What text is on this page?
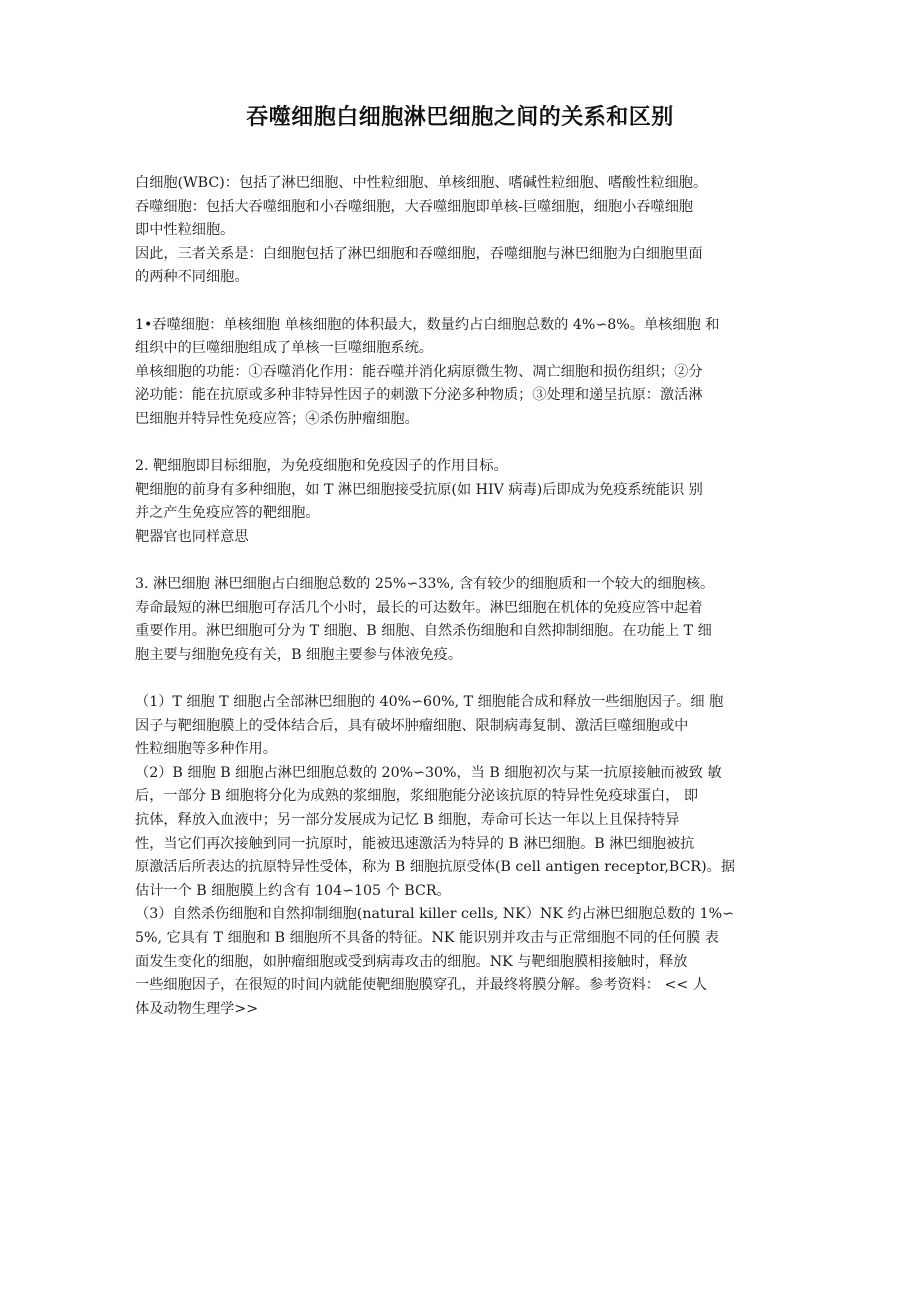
吞噬细胞白细胞淋巴细胞之间的关系和区别
白细胞(WBC)：包括了淋巴细胞、中性粒细胞、单核细胞、嗜碱性粒细胞、嗜酸性粒细胞。
吞噬细胞：包括大吞噬细胞和小吞噬细胞，大吞噬细胞即单核-巨噬细胞，细胞小吞噬细胞
即中性粒细胞。
因此，三者关系是：白细胞包括了淋巴细胞和吞噬细胞，吞噬细胞与淋巴细胞为白细胞里面
的两种不同细胞。
1•吞噬细胞：单核细胞 单核细胞的体积最大，数量约占白细胞总数的 4%∽8%。单核细胞 和
组织中的巨噬细胞组成了单核一巨噬细胞系统。
单核细胞的功能：①吞噬消化作用：能吞噬并消化病原微生物、凋亡细胞和损伤组织；②分
泌功能：能在抗原或多种非特异性因子的刺激下分泌多种物质；③处理和递呈抗原：激活淋
巴细胞并特异性免疫应答；④杀伤肿瘤细胞。
2. 靶细胞即目标细胞，为免疫细胞和免疫因子的作用目标。
靶细胞的前身有多种细胞，如 T 淋巴细胞接受抗原(如 HIV 病毒)后即成为免疫系统能识 别
并之产生免疫应答的靶细胞。
靶器官也同样意思
3. 淋巴细胞 淋巴细胞占白细胞总数的 25%∽33%, 含有较少的细胞质和一个较大的细胞核。
寿命最短的淋巴细胞可存活几个小时，最长的可达数年。淋巴细胞在机体的免疫应答中起着
重要作用。淋巴细胞可分为 T 细胞、B 细胞、自然杀伤细胞和自然抑制细胞。在功能上 T 细
胞主要与细胞免疫有关，B 细胞主要参与体液免疫。
（1）T 细胞 T 细胞占全部淋巴细胞的 40%∽60%, T 细胞能合成和释放一些细胞因子。细 胞
因子与靶细胞膜上的受体结合后，具有破坏肿瘤细胞、限制病毒复制、激活巨噬细胞或中
性粒细胞等多种作用。
（2）B 细胞 B 细胞占淋巴细胞总数的 20%∽30%，当 B 细胞初次与某一抗原接触而被致 敏
后，一部分 B 细胞将分化为成熟的浆细胞，浆细胞能分泌该抗原的特异性免疫球蛋白， 即
抗体，释放入血液中；另一部分发展成为记忆 B 细胞，寿命可长达一年以上且保持特异
性，当它们再次接触到同一抗原时，能被迅速激活为特异的 B 淋巴细胞。B 淋巴细胞被抗
原激活后所表达的抗原特异性受体，称为 B 细胞抗原受体(B cell antigen receptor,BCR)。据
估计一个 B 细胞膜上约含有 104∽105 个 BCR。
（3）自然杀伤细胞和自然抑制细胞(natural killer cells, NK）NK 约占淋巴细胞总数的 1%∽
5%, 它具有 T 细胞和 B 细胞所不具备的特征。NK 能识别并攻击与正常细胞不同的任何膜 表
面发生变化的细胞，如肿瘤细胞或受到病毒攻击的细胞。NK 与靶细胞膜相接触时，释放
一些细胞因子，在很短的时间内就能使靶细胞膜穿孔，并最终将膜分解。参考资料： << 人
体及动物生理学>>
